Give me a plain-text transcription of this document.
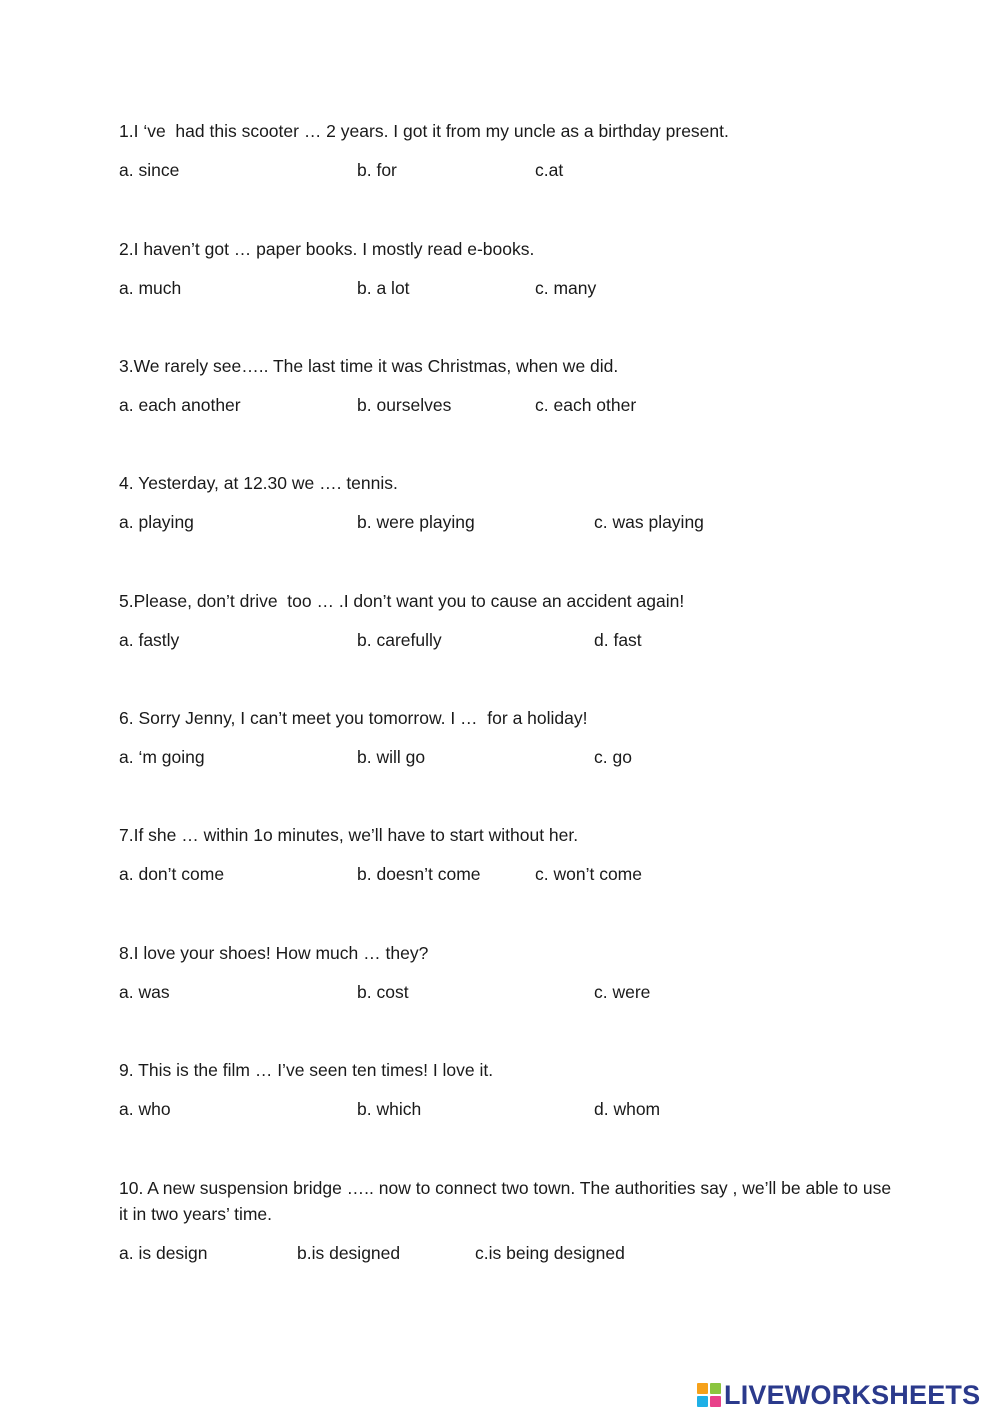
1.I ‘ve  had this scooter … 2 years. I got it from my uncle as a birthday present.

a. since	b. for	c.at

2.I haven’t got … paper books. I mostly read e-books.

a. much	b. a lot	c. many

3.We rarely see….. The last time it was Christmas, when we did.

a. each another	b. ourselves	c. each other

4. Yesterday, at 12.30 we …. tennis.

a. playing	b. were playing	c. was playing

5.Please, don’t drive  too … .I don’t want you to cause an accident again!

a. fastly	b. carefully	d. fast

6. Sorry Jenny, I can’t meet you tomorrow. I …  for a holiday!

a. ‘m going	b. will go	c. go

7.If she … within 1o minutes, we’ll have to start without her.

a. don’t come	b. doesn’t come	c. won’t come

8.I love your shoes! How much … they?

a. was	b. cost	c. were

9. This is the film … I’ve seen ten times! I love it.

a. who	b. which	d. whom

10. A new suspension bridge ….. now to connect two town. The authorities say , we’ll be able to use it in two years’ time.

a. is design	b.is designed	c.is being designed
LIVEWORKSHEETS
